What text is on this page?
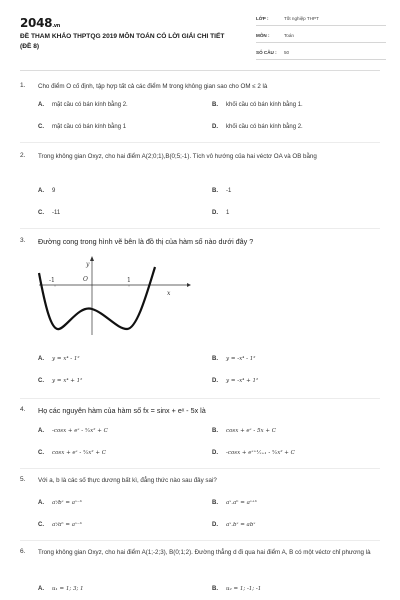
2048.vn
ĐỀ THAM KHẢO THPTQG 2019 MÔN TOÁN CÓ LỜI GIẢI CHI TIẾT (ĐỀ 8)
LỚP :	Tốt nghiệp THPT
MÔN :	Toán
SỐ CÂU : 50
1. Cho điểm O cố định, tập hợp tất cả các điểm M trong không gian sao cho OM ≤ 2 là
A. mặt cầu có bán kính bằng 2.	B. khối cầu có bán kính bằng 1.
C. mặt cầu có bán kính bằng 1	D. khối cầu có bán kính bằng 2.
2. Trong không gian Oxyz, cho hai điểm A(2;0;1),B(0;5;-1). Tích vô hướng của hai véctơ OA và OB bằng
A. 9	B. -1
C. -11	D. 1
3. Đường cong trong hình vẽ bên là đồ thị của hàm số nào dưới đây ?
y
x
O
-1	1
A. y = x⁴ - 1²	B. y = -x⁴ - 1²
C. y = x⁴ + 1²	D. y = -x⁴ + 1²
4. Họ các nguyên hàm của hàm số fx = sinx + eˣ - 5x là
A. -cosx + eˣ - ⁵⁄₂x² + C	B. cosx + eˣ - 5x + C
C. cosx + eˣ - ⁵⁄₂x² + C	D. -cosx + eˣ⁺¹⁄ₓ₊₁ - ⁵⁄₂x² + C
5. Với a, b là các số thực dương bất kì, đẳng thức nào sau đây sai?
A. aˣ⁄bˣ = aˣ⁻ᵇ	B. aˣ.aᵇ = aˣ⁺ᵇ
C. aˣ⁄aᵇ = aˣ⁻ᵇ	D. aˣ.bˣ = abˣ
6. Trong không gian Oxyz, cho hai điểm A(1;-2;3), B(0;1;2). Đường thẳng d đi qua hai điểm A, B có một véctơ chỉ phương là
A. u₁ = 1; 3; 1	B. u₂ = 1; -1; -1
